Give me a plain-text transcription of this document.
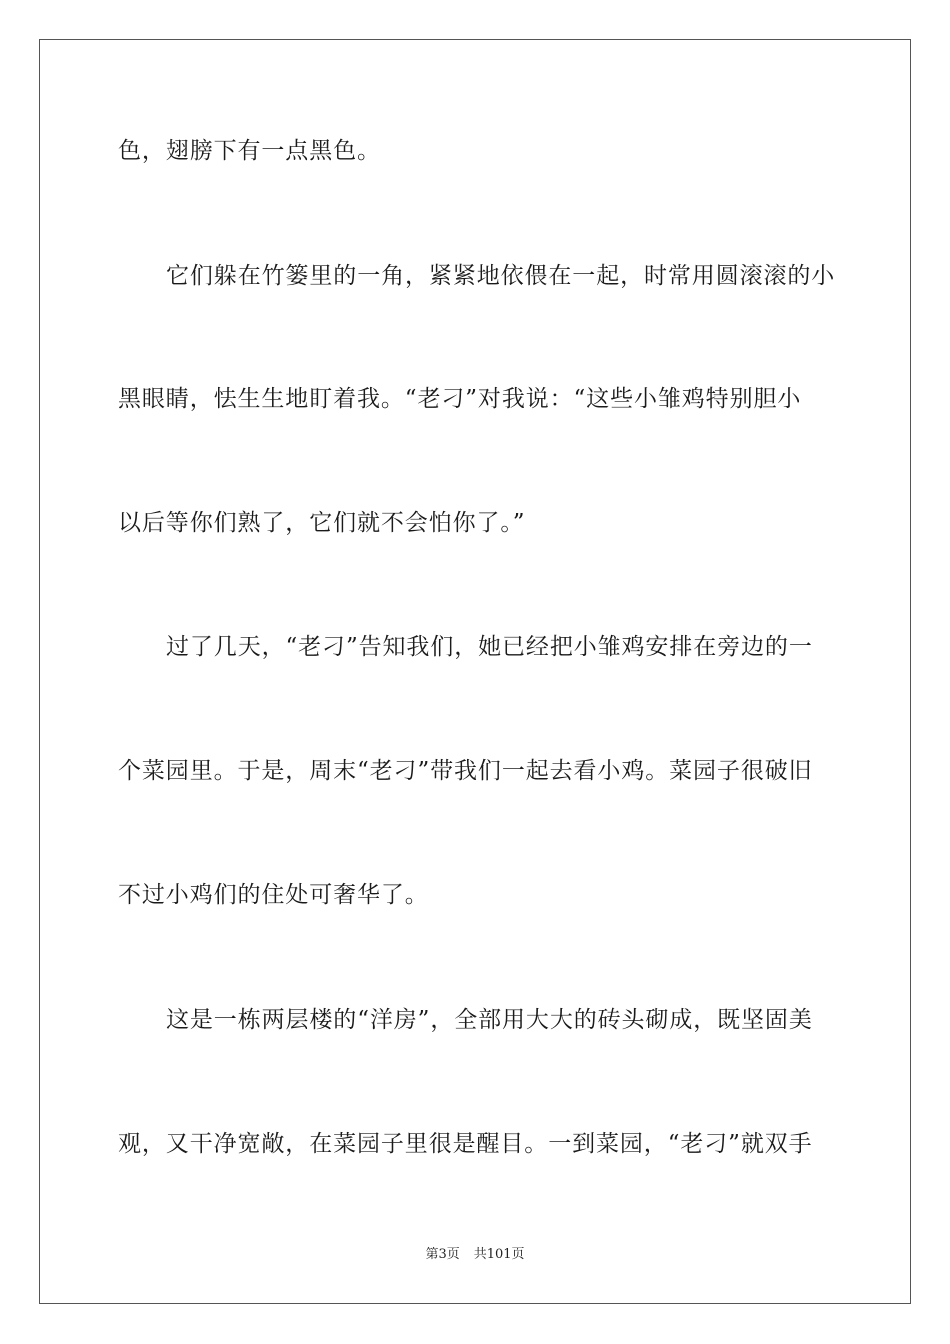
色，翅膀下有一点黑色。
它们躲在竹篓里的一角，紧紧地依偎在一起，时常用圆滚滚的小
黑眼睛，怯生生地盯着我。“老刁”对我说：“这些小雏鸡特别胆小
以后等你们熟了，它们就不会怕你了。”
过了几天，“老刁”告知我们，她已经把小雏鸡安排在旁边的一
个菜园里。于是，周末“老刁”带我们一起去看小鸡。菜园子很破旧
不过小鸡们的住处可奢华了。
这是一栋两层楼的“洋房”，全部用大大的砖头砌成，既坚固美
观，又干净宽敞，在菜园子里很是醒目。一到菜园，“老刁”就双手
第3页 共101页
